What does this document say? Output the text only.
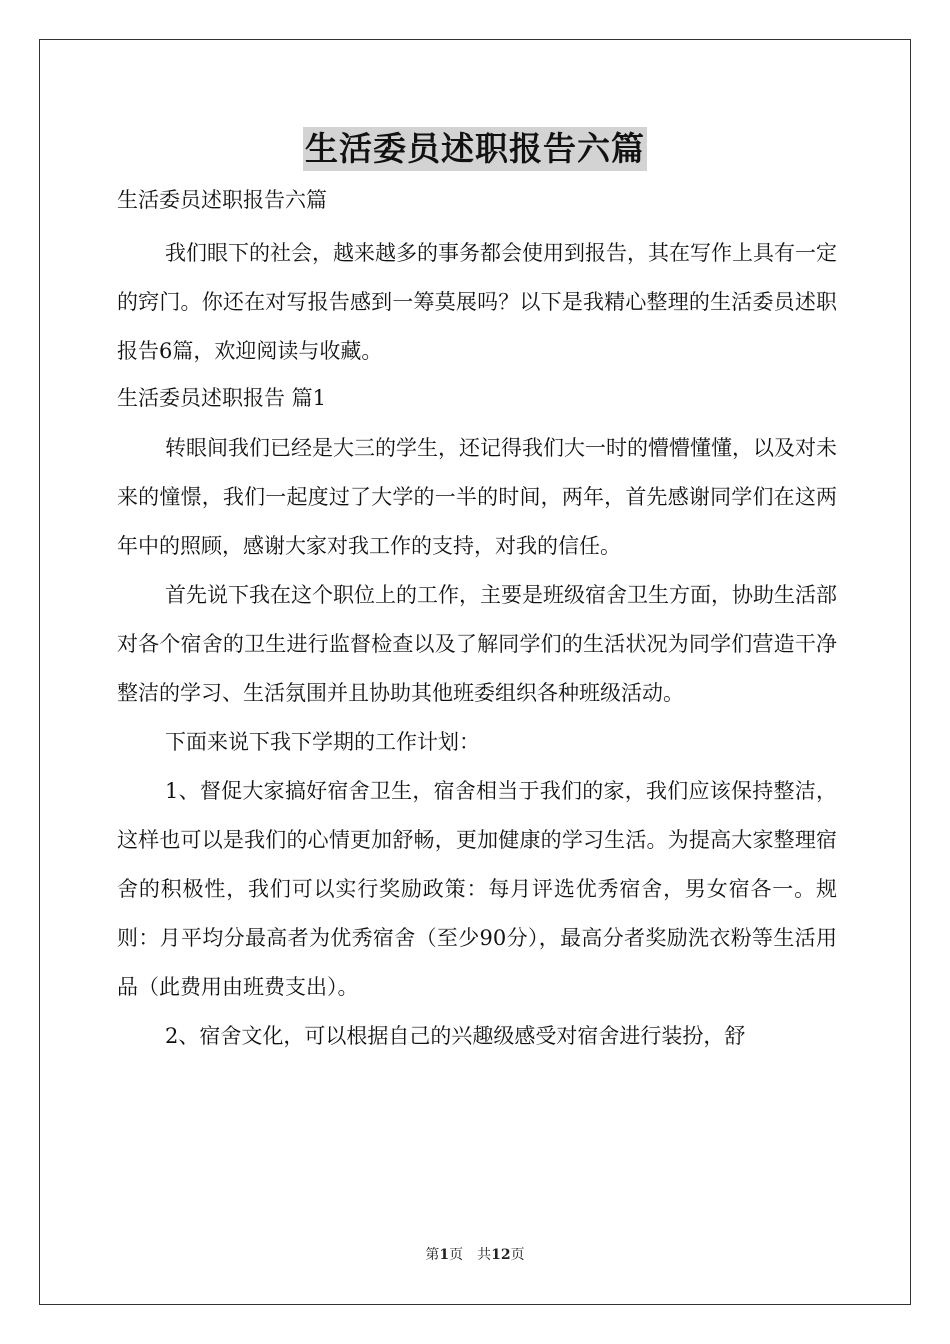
生活委员述职报告六篇

生活委员述职报告六篇

我们眼下的社会，越来越多的事务都会使用到报告，其在写作上具有一定的窍门。你还在对写报告感到一筹莫展吗？以下是我精心整理的生活委员述职报告6篇，欢迎阅读与收藏。

生活委员述职报告 篇1

转眼间我们已经是大三的学生，还记得我们大一时的懵懵懂懂，以及对未来的憧憬，我们一起度过了大学的一半的时间，两年，首先感谢同学们在这两年中的照顾，感谢大家对我工作的支持，对我的信任。

首先说下我在这个职位上的工作，主要是班级宿舍卫生方面，协助生活部对各个宿舍的卫生进行监督检查以及了解同学们的生活状况为同学们营造干净整洁的学习、生活氛围并且协助其他班委组织各种班级活动。

下面来说下我下学期的工作计划：

1、督促大家搞好宿舍卫生，宿舍相当于我们的家，我们应该保持整洁，这样也可以是我们的心情更加舒畅，更加健康的学习生活。为提高大家整理宿舍的积极性，我们可以实行奖励政策：每月评选优秀宿舍，男女宿各一。规则：月平均分最高者为优秀宿舍（至少90分），最高分者奖励洗衣粉等生活用品（此费用由班费支出）。

2、宿舍文化，可以根据自己的兴趣级感受对宿舍进行装扮，舒

第1页　共12页
